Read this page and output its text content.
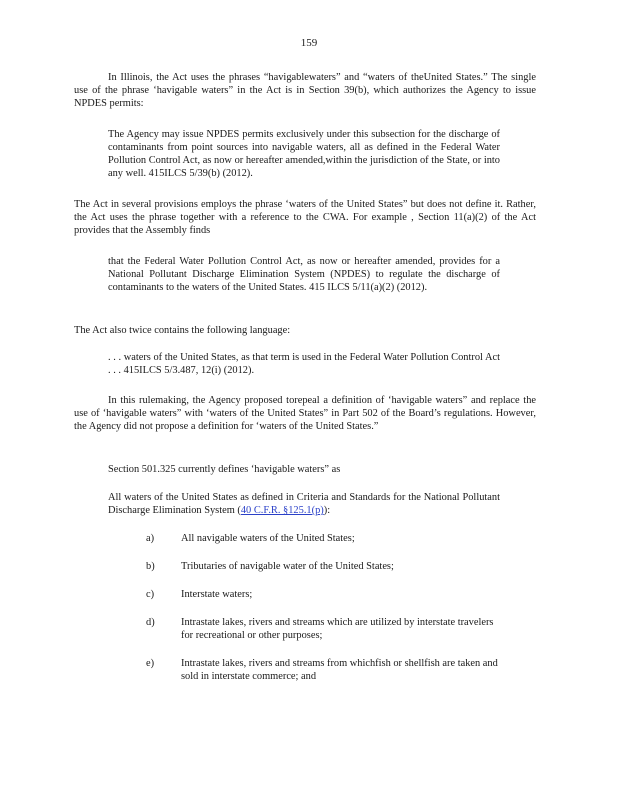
159

In Illinois, the Act uses the phrases “havigablewaters” and “waters of theUnited States.” The single use of the phrase ‘havigable waters” in the Act is in Section 39(b), which authorizes the Agency to issue NPDES permits:

The Agency may issue NPDES permits exclusively under this subsection for the discharge of contaminants from point sources into navigable waters, all as defined in the Federal Water Pollution Control Act, as now or hereafter amended,within the jurisdiction of the State, or into any well. 415ILCS 5/39(b) (2012).

The Act in several provisions employs the phrase ‘waters of the United States” but does not define it. Rather, the Act uses the phrase together with a reference to the CWA. For example , Section 11(a)(2) of the Act provides that the Assembly finds

that the Federal Water Pollution Control Act, as now or hereafter amended, provides for a National Pollutant Discharge Elimination System (NPDES) to regulate the discharge of contaminants to the waters of the United States. 415 ILCS 5/11(a)(2) (2012).

The Act also twice contains the following language:

. . . waters of the United States, as that term is used in the Federal Water Pollution Control Act . . . 415ILCS 5/3.487, 12(i) (2012).

In this rulemaking, the Agency proposed torepeal a definition of ‘havigable waters” and replace the use of ‘havigable waters” with ‘waters of the United States” in Part 502 of the Board’s regulations. However, the Agency did not propose a definition for ‘waters of the United States.”

Section 501.325 currently defines ‘havigable waters” as

All waters of the United States as defined in Criteria and Standards for the National Pollutant Discharge Elimination System (40 C.F.R. §125.1(p)):

a)	All navigable waters of the United States;
b)	Tributaries of navigable water of the United States;
c)	Interstate waters;
d)	Intrastate lakes, rivers and streams which are utilized by interstate travelers for recreational or other purposes;
e)	Intrastate lakes, rivers and streams from whichfish or shellfish are taken and sold in interstate commerce; and
